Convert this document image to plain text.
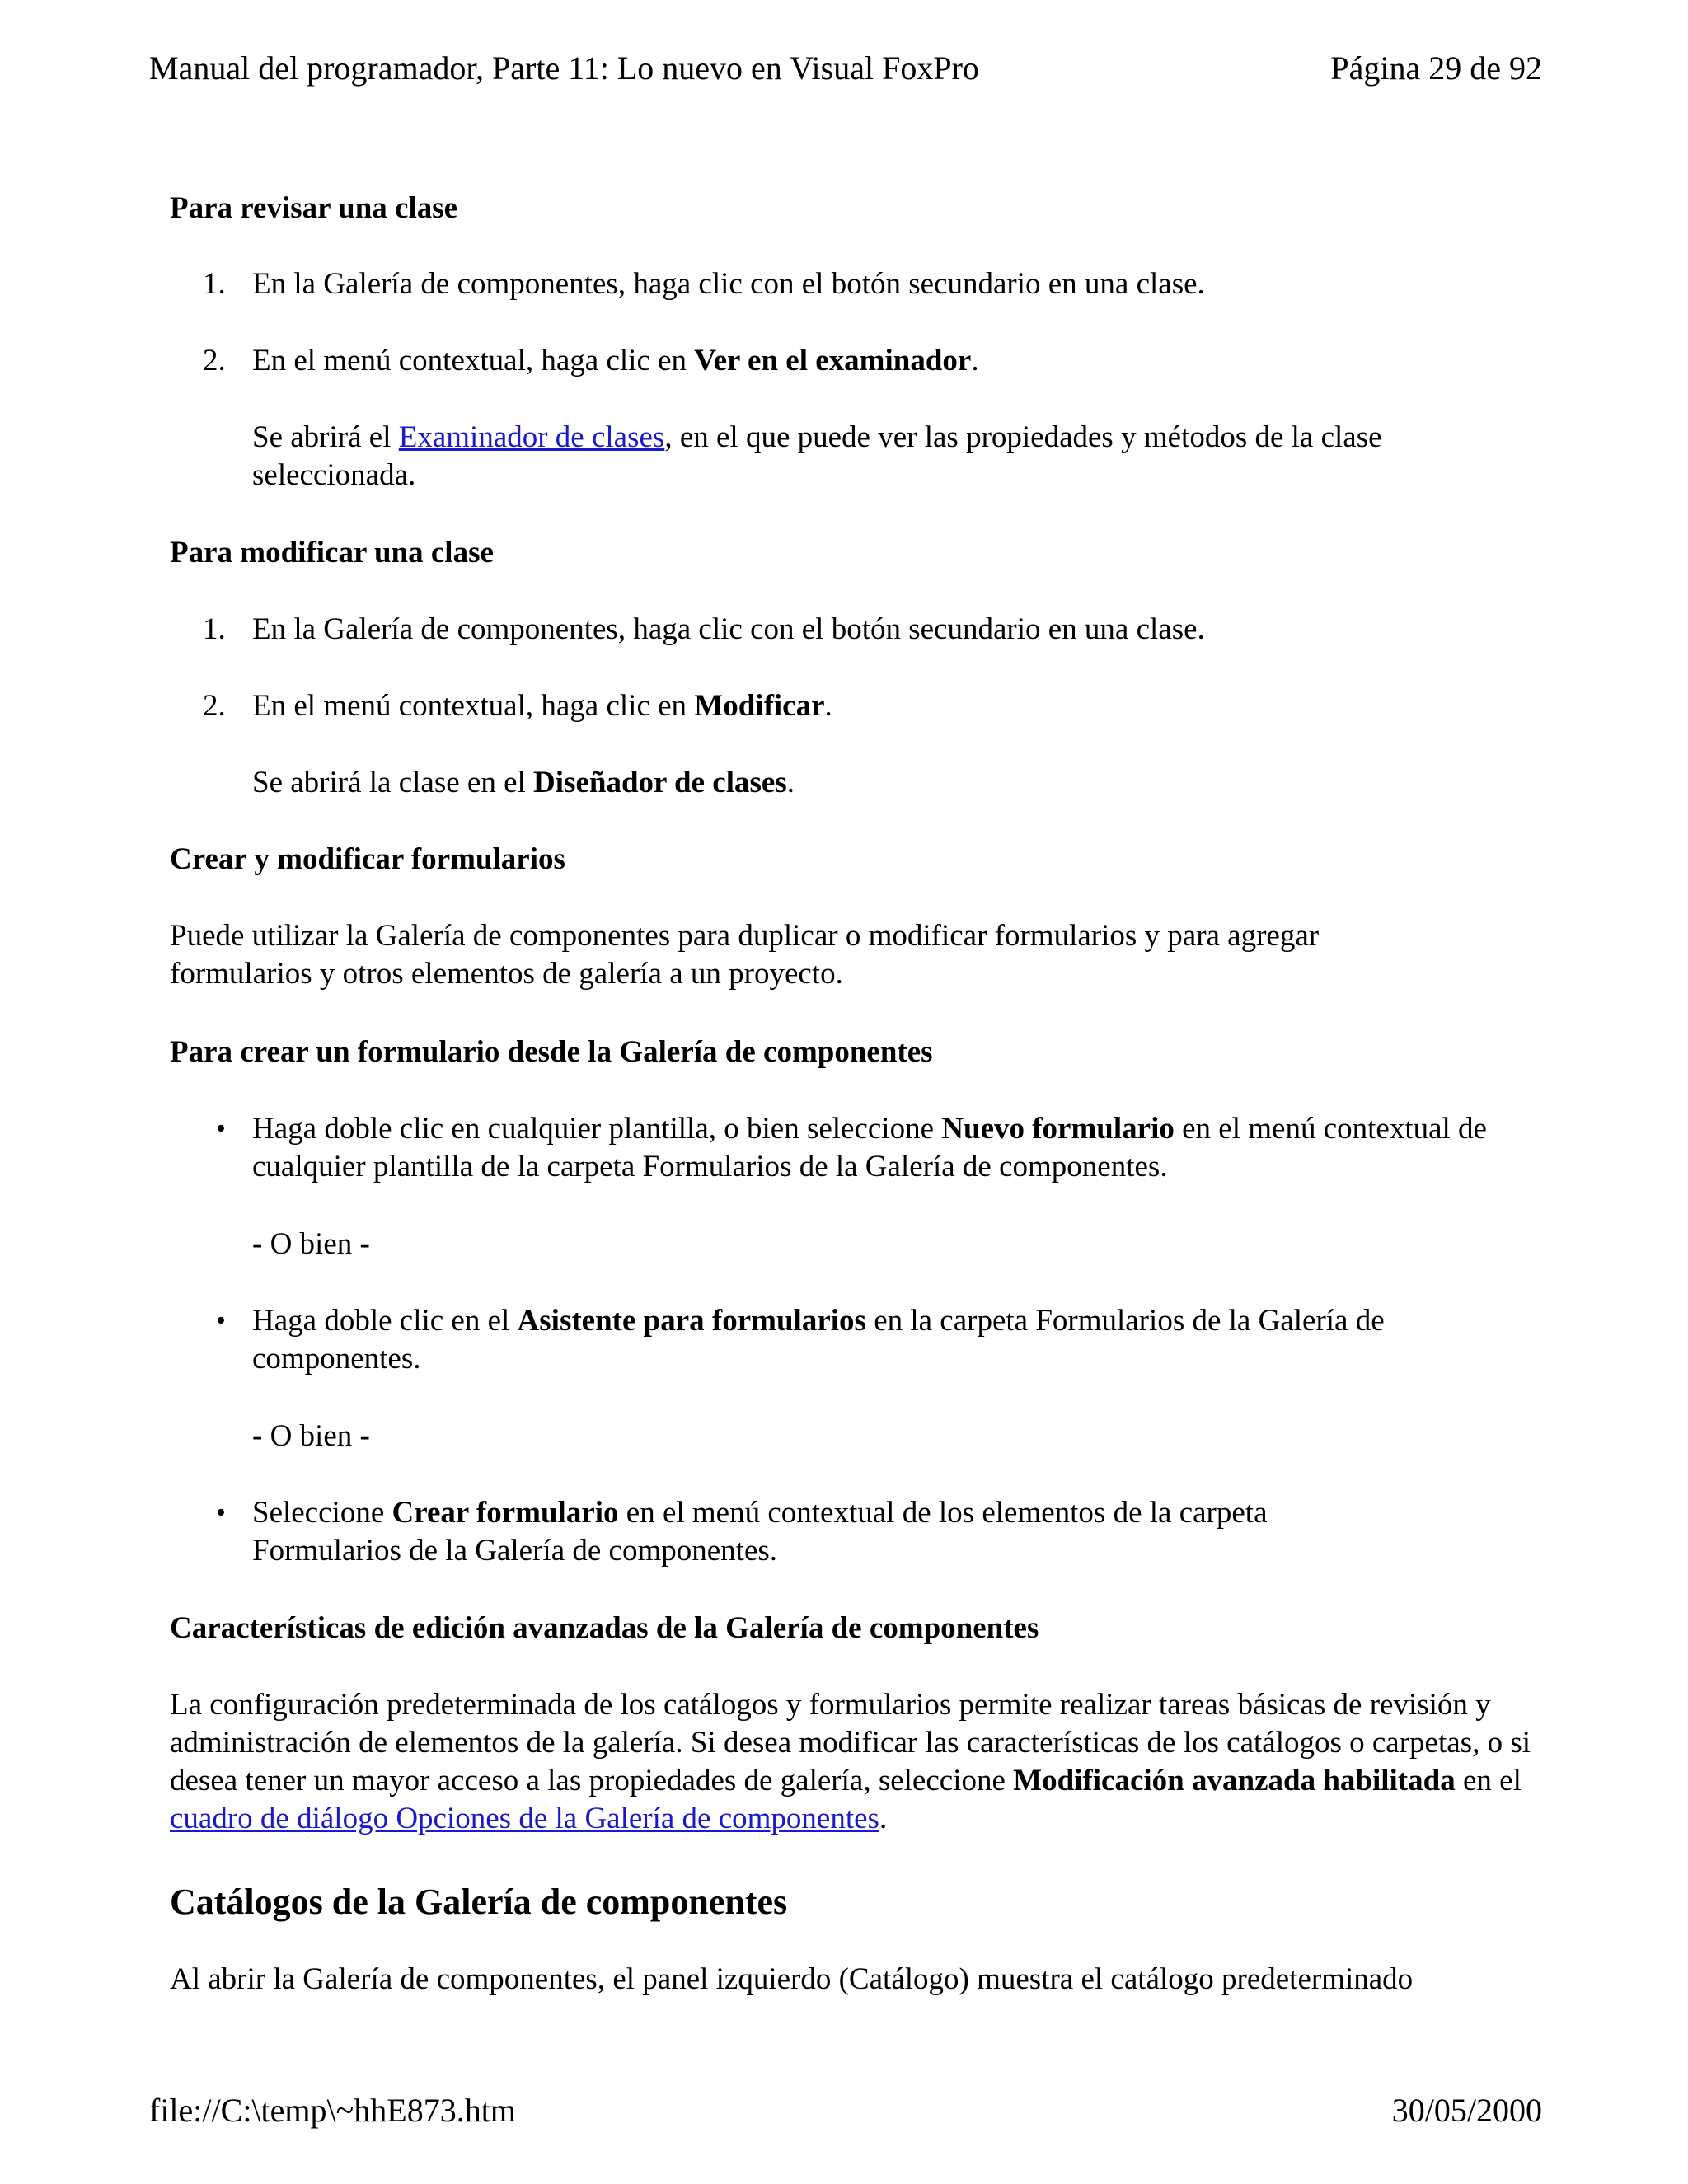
Manual del programador, Parte 11: Lo nuevo en Visual FoxPro	Página 29 de 92

Para revisar una clase

1. En la Galería de componentes, haga clic con el botón secundario en una clase.
2. En el menú contextual, haga clic en Ver en el examinador.

Se abrirá el Examinador de clases, en el que puede ver las propiedades y métodos de la clase seleccionada.

Para modificar una clase

1. En la Galería de componentes, haga clic con el botón secundario en una clase.
2. En el menú contextual, haga clic en Modificar.

Se abrirá la clase en el Diseñador de clases.

Crear y modificar formularios

Puede utilizar la Galería de componentes para duplicar o modificar formularios y para agregar formularios y otros elementos de galería a un proyecto.

Para crear un formulario desde la Galería de componentes

• Haga doble clic en cualquier plantilla, o bien seleccione Nuevo formulario en el menú contextual de cualquier plantilla de la carpeta Formularios de la Galería de componentes.

- O bien -

• Haga doble clic en el Asistente para formularios en la carpeta Formularios de la Galería de componentes.

- O bien -

• Seleccione Crear formulario en el menú contextual de los elementos de la carpeta Formularios de la Galería de componentes.

Características de edición avanzadas de la Galería de componentes

La configuración predeterminada de los catálogos y formularios permite realizar tareas básicas de revisión y administración de elementos de la galería. Si desea modificar las características de los catálogos o carpetas, o si desea tener un mayor acceso a las propiedades de galería, seleccione Modificación avanzada habilitada en el cuadro de diálogo Opciones de la Galería de componentes.

Catálogos de la Galería de componentes

Al abrir la Galería de componentes, el panel izquierdo (Catálogo) muestra el catálogo predeterminado

file://C:\temp\~hhE873.htm	30/05/2000
